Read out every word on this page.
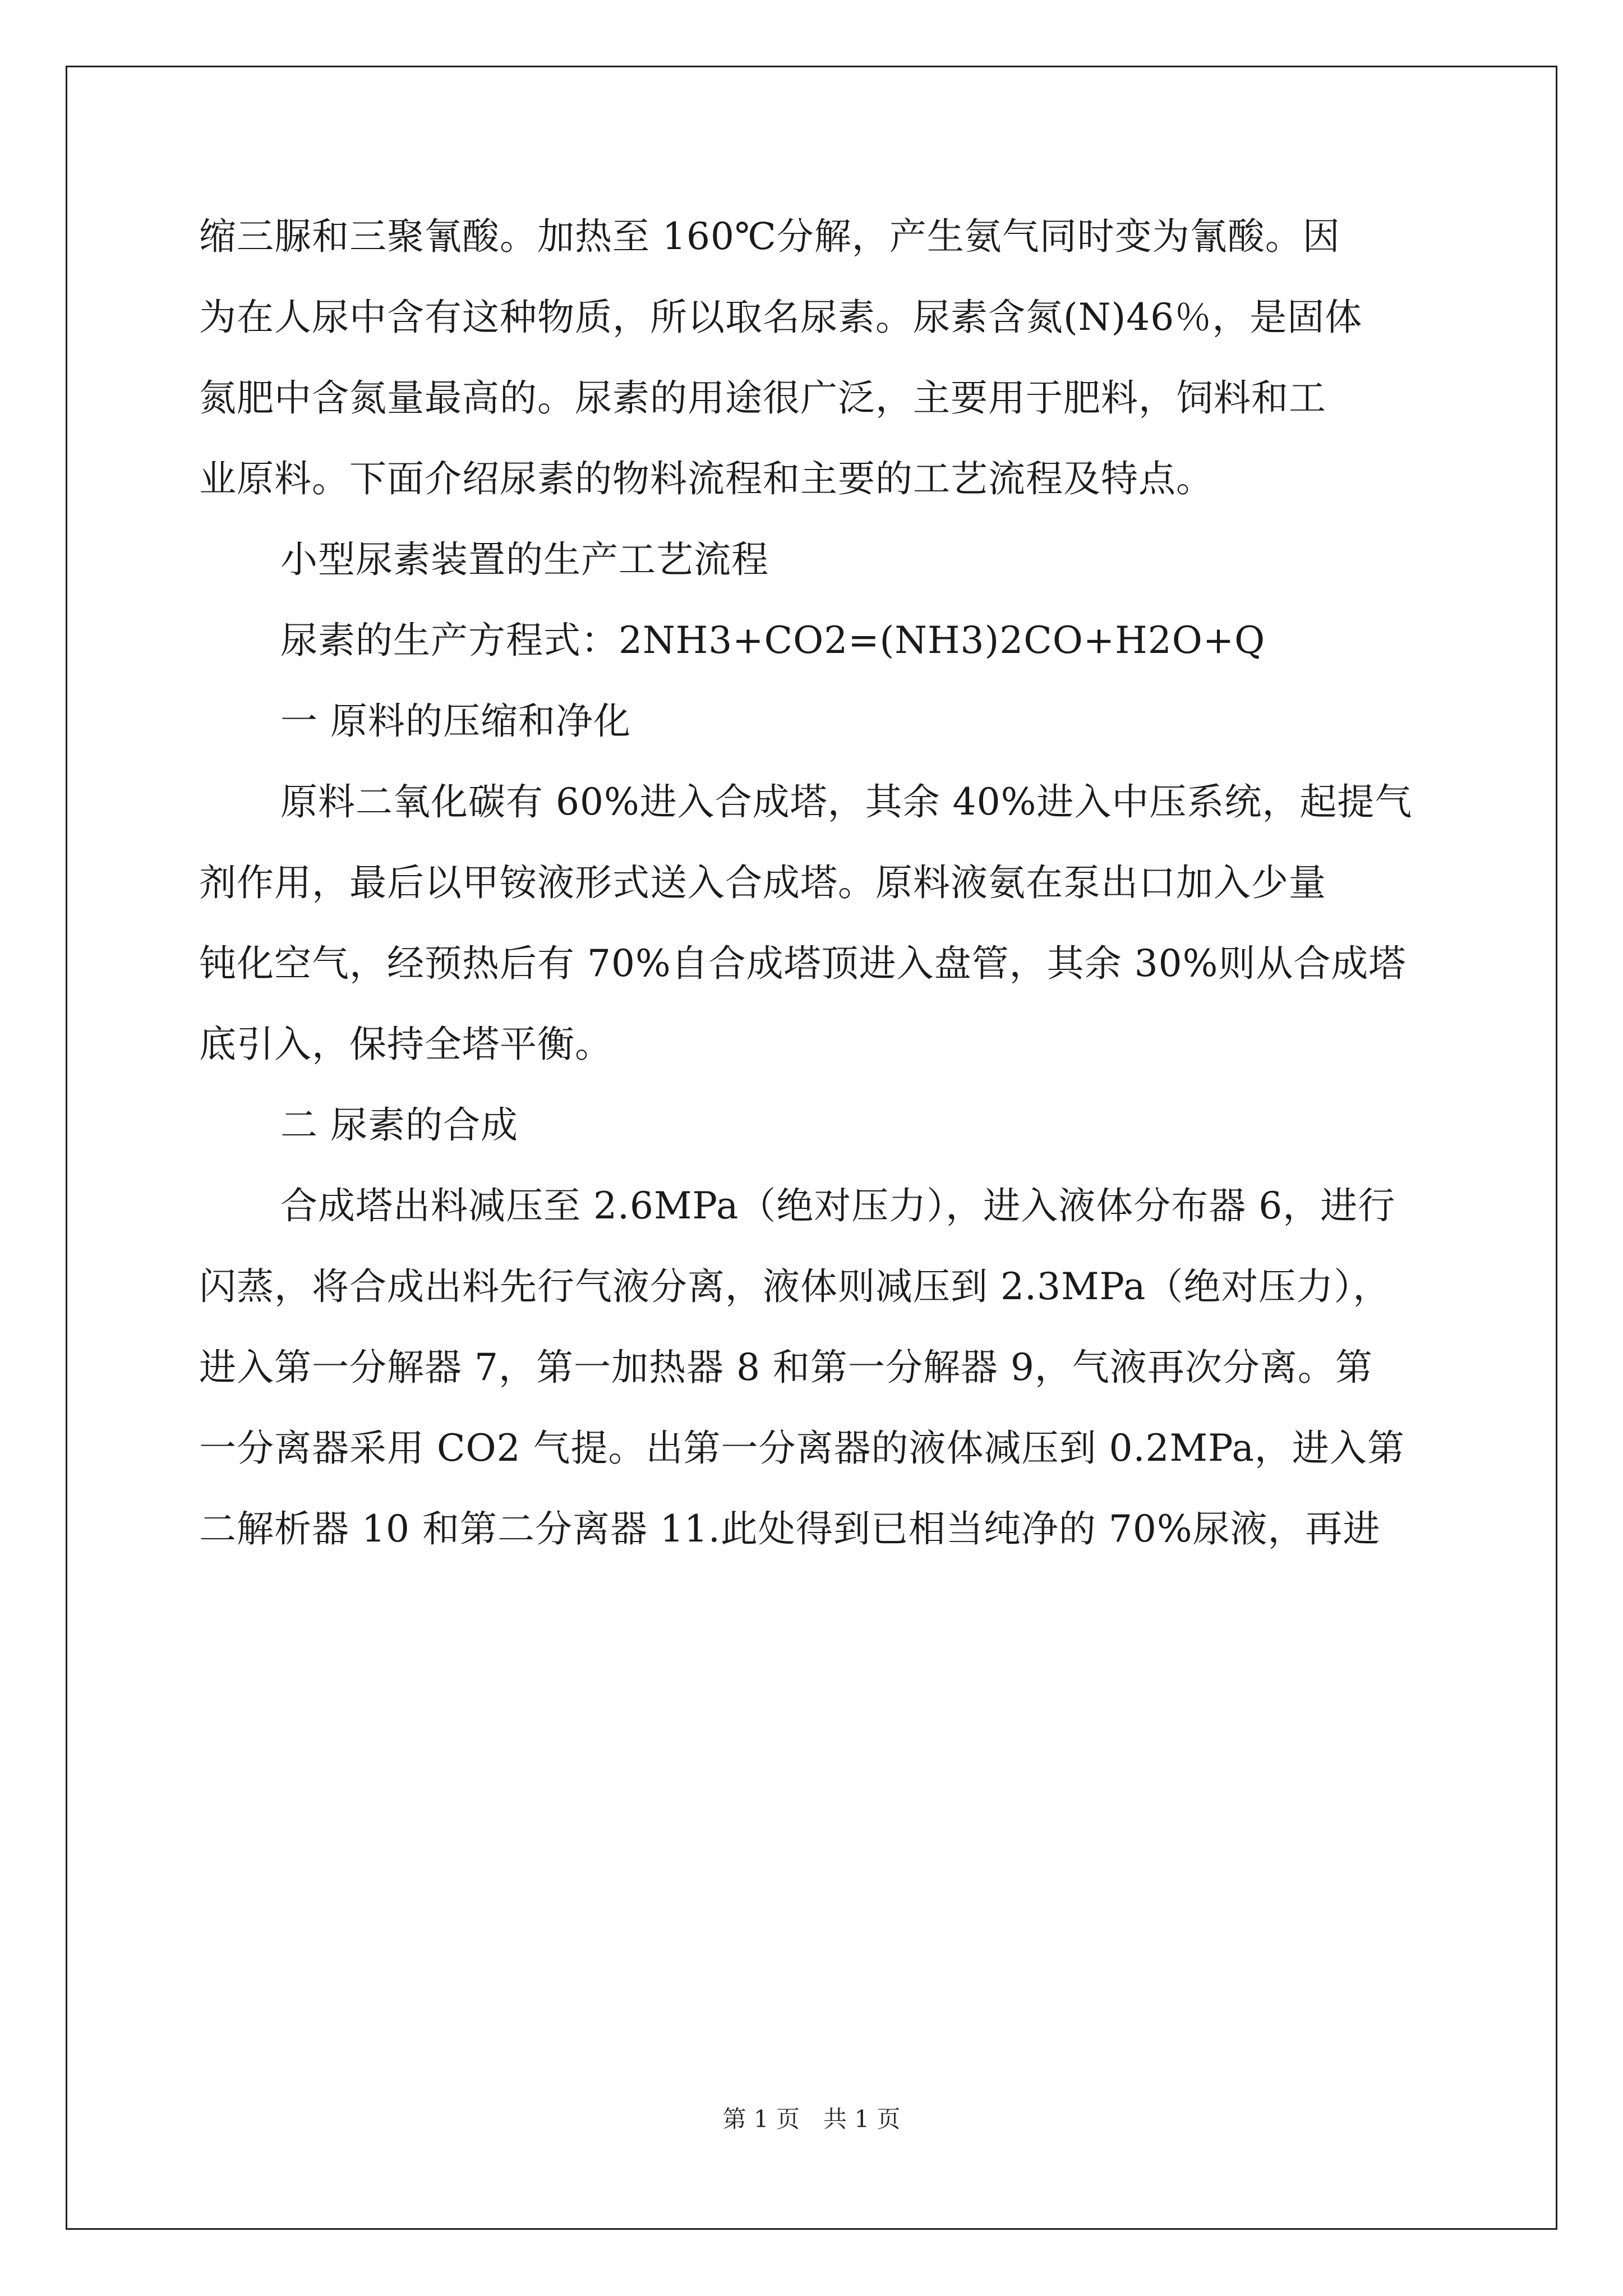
缩三脲和三聚氰酸。加热至 160℃分解，产生氨气同时变为氰酸。因
为在人尿中含有这种物质，所以取名尿素。尿素含氮(N)46％，是固体
氮肥中含氮量最高的。尿素的用途很广泛，主要用于肥料，饲料和工
业原料。下面介绍尿素的物料流程和主要的工艺流程及特点。
小型尿素装置的生产工艺流程
尿素的生产方程式：2NH3+CO2=(NH3)2CO+H2O+Q
一 原料的压缩和净化
原料二氧化碳有 60%进入合成塔，其余 40%进入中压系统，起提气
剂作用，最后以甲铵液形式送入合成塔。原料液氨在泵出口加入少量
钝化空气，经预热后有 70%自合成塔顶进入盘管，其余 30%则从合成塔
底引入，保持全塔平衡。
二 尿素的合成
合成塔出料减压至 2.6MPa（绝对压力），进入液体分布器 6，进行
闪蒸，将合成出料先行气液分离，液体则减压到 2.3MPa（绝对压力），
进入第一分解器 7，第一加热器 8 和第一分解器 9，气液再次分离。第
一分离器采用 CO2 气提。出第一分离器的液体减压到 0.2MPa，进入第
二解析器 10 和第二分离器 11.此处得到已相当纯净的 70%尿液，再进
第 1 页　共 1 页
